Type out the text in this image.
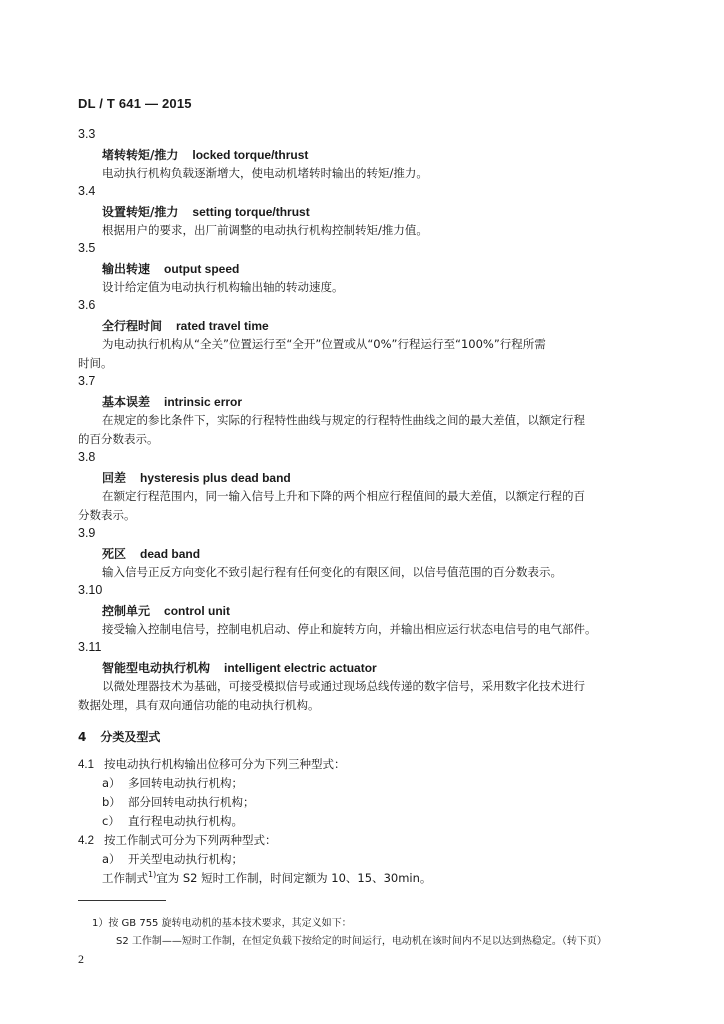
DL / T 641 — 2015
3.3
堵转转矩/推力 locked torque/thrust
电动执行机构负载逐渐增大，使电动机堵转时输出的转矩/推力。
3.4
设置转矩/推力 setting torque/thrust
根据用户的要求，出厂前调整的电动执行机构控制转矩/推力值。
3.5
输出转速 output speed
设计给定值为电动执行机构输出轴的转动速度。
3.6
全行程时间 rated travel time
为电动执行机构从“全关”位置运行至“全开”位置或从“0%”行程运行至“100%”行程所需
时间。
3.7
基本误差 intrinsic error
在规定的参比条件下，实际的行程特性曲线与规定的行程特性曲线之间的最大差值，以额定行程
的百分数表示。
3.8
回差 hysteresis plus dead band
在额定行程范围内，同一输入信号上升和下降的两个相应行程值间的最大差值，以额定行程的百
分数表示。
3.9
死区 dead band
输入信号正反方向变化不致引起行程有任何变化的有限区间，以信号值范围的百分数表示。
3.10
控制单元 control unit
接受输入控制电信号，控制电机启动、停止和旋转方向，并输出相应运行状态电信号的电气部件。
3.11
智能型电动执行机构 intelligent electric actuator
以微处理器技术为基础，可接受模拟信号或通过现场总线传递的数字信号，采用数字化技术进行
数据处理，具有双向通信功能的电动执行机构。
4 分类及型式
4.1 按电动执行机构输出位移可分为下列三种型式：
a） 多回转电动执行机构；
b） 部分回转电动执行机构；
c） 直行程电动执行机构。
4.2 按工作制式可分为下列两种型式：
a） 开关型电动执行机构；
工作制式$^{1)}$宜为 S2 短时工作制，时间定额为 10、15、30min。
1）按 GB 755 旋转电动机的基本技术要求，其定义如下：
S2 工作制——短时工作制，在恒定负载下按给定的时间运行，电动机在该时间内不足以达到热稳定。（转下页）
2
